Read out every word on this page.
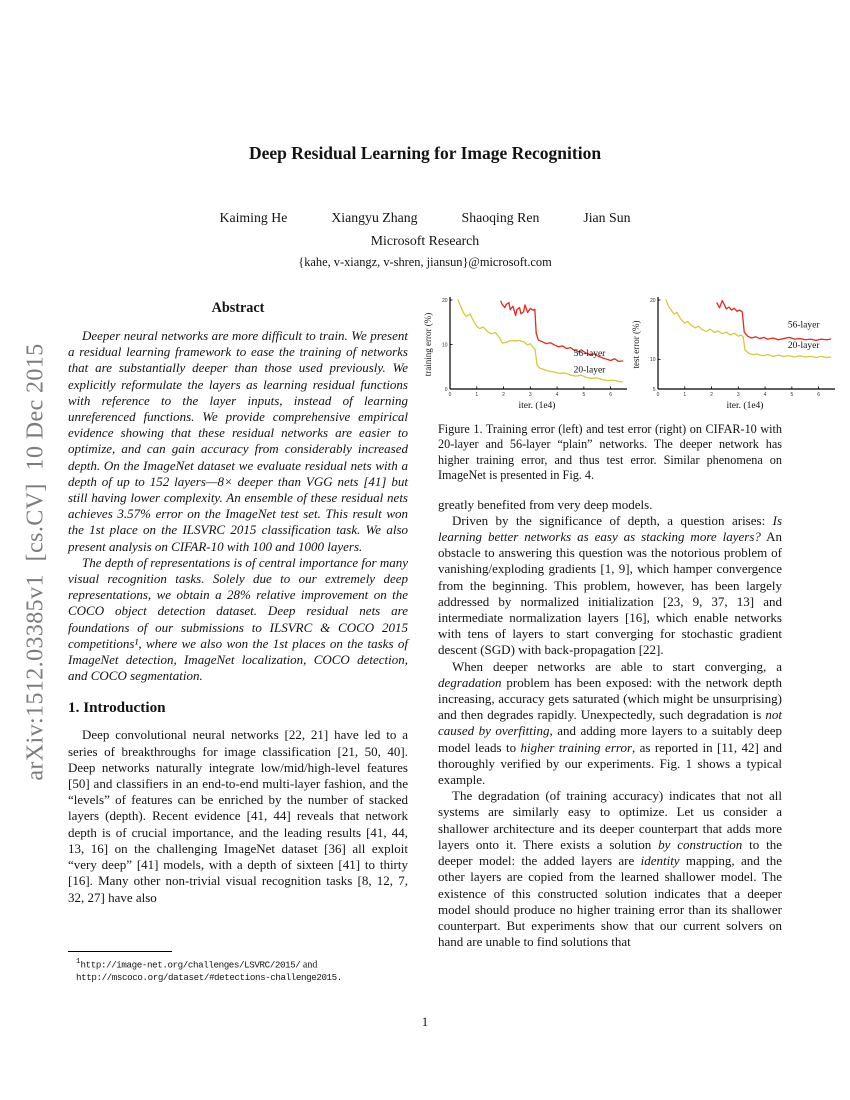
arXiv:1512.03385v1  [cs.CV]  10 Dec 2015
Deep Residual Learning for Image Recognition
Kaiming He	Xiangyu Zhang	Shaoqing Ren	Jian Sun
Microsoft Research
{kahe, v-xiangz, v-shren, jiansun}@microsoft.com
Abstract

Deeper neural networks are more difficult to train. We present a residual learning framework to ease the training of networks that are substantially deeper than those used previously. We explicitly reformulate the layers as learning residual functions with reference to the layer inputs, instead of learning unreferenced functions. We provide comprehensive empirical evidence showing that these residual networks are easier to optimize, and can gain accuracy from considerably increased depth. On the ImageNet dataset we evaluate residual nets with a depth of up to 152 layers—8× deeper than VGG nets [41] but still having lower complexity. An ensemble of these residual nets achieves 3.57% error on the ImageNet test set. This result won the 1st place on the ILSVRC 2015 classification task. We also present analysis on CIFAR-10 with 100 and 1000 layers.

The depth of representations is of central importance for many visual recognition tasks. Solely due to our extremely deep representations, we obtain a 28% relative improvement on the COCO object detection dataset. Deep residual nets are foundations of our submissions to ILSVRC & COCO 2015 competitions¹, where we also won the 1st places on the tasks of ImageNet detection, ImageNet localization, COCO detection, and COCO segmentation.

1. Introduction

Deep convolutional neural networks [22, 21] have led to a series of breakthroughs for image classification [21, 50, 40]. Deep networks naturally integrate low/mid/high-level features [50] and classifiers in an end-to-end multi-layer fashion, and the “levels” of features can be enriched by the number of stacked layers (depth). Recent evidence [41, 44] reveals that network depth is of crucial importance, and the leading results [41, 44, 13, 16] on the challenging ImageNet dataset [36] all exploit “very deep” [41] models, with a depth of sixteen [41] to thirty [16]. Many other non-trivial visual recognition tasks [8, 12, 7, 32, 27] have also

$^1$http://image-net.org/challenges/LSVRC/2015/ and
http://mscoco.org/dataset/#detections-challenge2015.
0
10
20
0	1	2	3	4	5	6
training error (%)
iter. (1e4)
56-layer
20-layer
5
10
20
0	1	2	3	4	5	6
test error (%)
iter. (1e4)
56-layer
20-layer
Figure 1. Training error (left) and test error (right) on CIFAR-10 with 20-layer and 56-layer “plain” networks. The deeper network has higher training error, and thus test error. Similar phenomena on ImageNet is presented in Fig. 4.

greatly benefited from very deep models.

Driven by the significance of depth, a question arises: Is learning better networks as easy as stacking more layers? An obstacle to answering this question was the notorious problem of vanishing/exploding gradients [1, 9], which hamper convergence from the beginning. This problem, however, has been largely addressed by normalized initialization [23, 9, 37, 13] and intermediate normalization layers [16], which enable networks with tens of layers to start converging for stochastic gradient descent (SGD) with back-propagation [22].

When deeper networks are able to start converging, a degradation problem has been exposed: with the network depth increasing, accuracy gets saturated (which might be unsurprising) and then degrades rapidly. Unexpectedly, such degradation is not caused by overfitting, and adding more layers to a suitably deep model leads to higher training error, as reported in [11, 42] and thoroughly verified by our experiments. Fig. 1 shows a typical example.

The degradation (of training accuracy) indicates that not all systems are similarly easy to optimize. Let us consider a shallower architecture and its deeper counterpart that adds more layers onto it. There exists a solution by construction to the deeper model: the added layers are identity mapping, and the other layers are copied from the learned shallower model. The existence of this constructed solution indicates that a deeper model should produce no higher training error than its shallower counterpart. But experiments show that our current solvers on hand are unable to find solutions that

1
